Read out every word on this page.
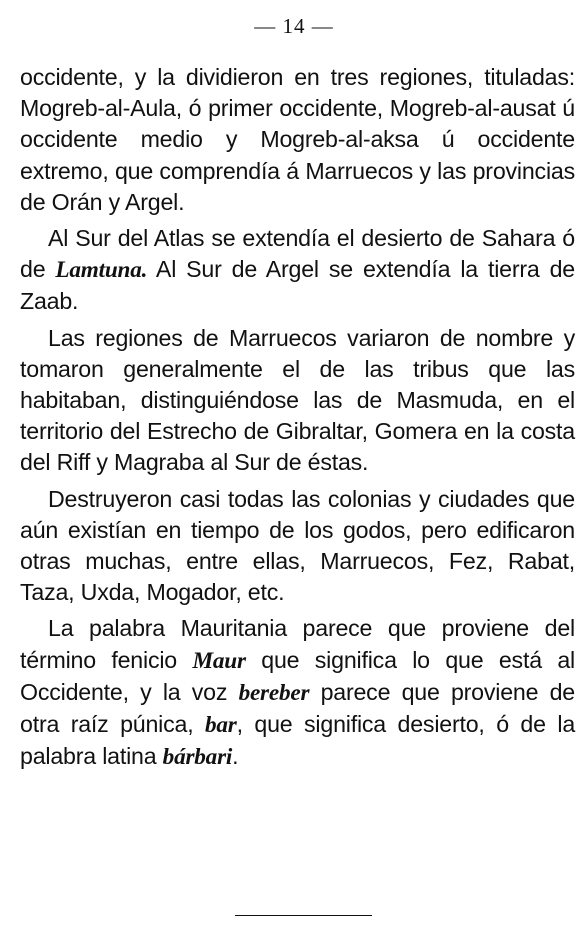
— 14 —

occidente, y la dividieron en tres regiones, tituladas: Mogreb-al-Aula, ó primer occidente, Mogreb-al-ausat ú occidente medio y Mogreb-al-aksa ú occidente extremo, que comprendía á Marruecos y las provincias de Orán y Argel.

Al Sur del Atlas se extendía el desierto de Sahara ó de Lamtuna. Al Sur de Argel se extendía la tierra de Zaab.

Las regiones de Marruecos variaron de nombre y tomaron generalmente el de las tribus que las habitaban, distinguiéndose las de Masmuda, en el territorio del Estrecho de Gibraltar, Gomera en la costa del Riff y Magraba al Sur de éstas.

Destruyeron casi todas las colonias y ciudades que aún existían en tiempo de los godos, pero edificaron otras muchas, entre ellas, Marruecos, Fez, Rabat, Taza, Uxda, Mogador, etc.

La palabra Mauritania parece que proviene del término fenicio Maur que significa lo que está al Occidente, y la voz bereber parece que proviene de otra raíz púnica, bar, que significa desierto, ó de la palabra latina bárbari.
